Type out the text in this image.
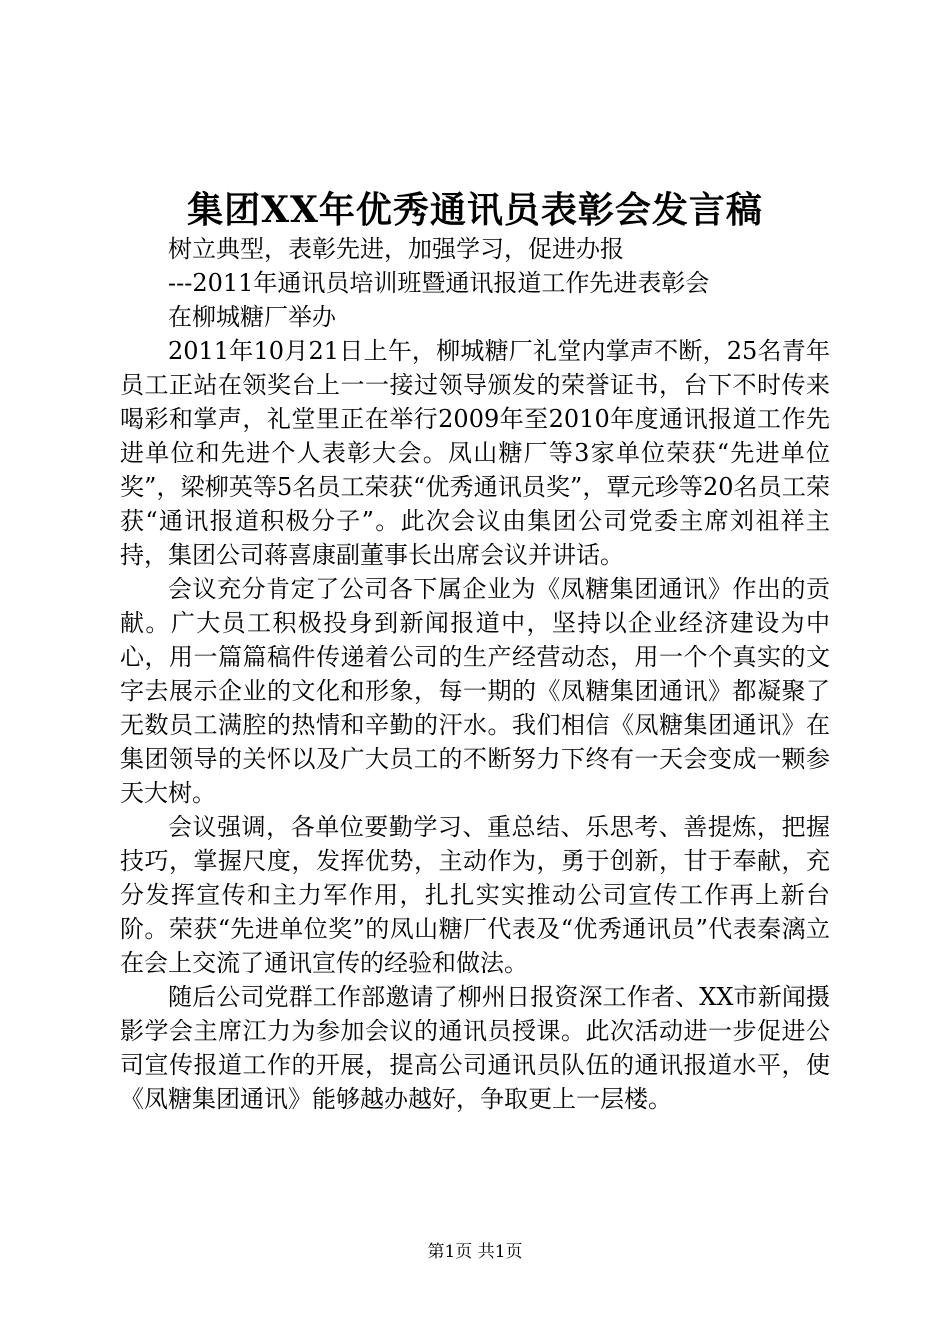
集团XX年优秀通讯员表彰会发言稿
树立典型，表彰先进，加强学习，促进办报
---2011年通讯员培训班暨通讯报道工作先进表彰会
在柳城糖厂举办

2011年10月21日上午，柳城糖厂礼堂内掌声不断，25名青年员工正站在领奖台上一一接过领导颁发的荣誉证书，台下不时传来喝彩和掌声，礼堂里正在举行2009年至2010年度通讯报道工作先进单位和先进个人表彰大会。凤山糖厂等3家单位荣获“先进单位奖”，梁柳英等5名员工荣获“优秀通讯员奖”，覃元珍等20名员工荣获“通讯报道积极分子”。此次会议由集团公司党委主席刘祖祥主持，集团公司蒋喜康副董事长出席会议并讲话。

会议充分肯定了公司各下属企业为《凤糖集团通讯》作出的贡献。广大员工积极投身到新闻报道中，坚持以企业经济建设为中心，用一篇篇稿件传递着公司的生产经营动态，用一个个真实的文字去展示企业的文化和形象，每一期的《凤糖集团通讯》都凝聚了无数员工满腔的热情和辛勤的汗水。我们相信《凤糖集团通讯》在集团领导的关怀以及广大员工的不断努力下终有一天会变成一颗参天大树。

会议强调，各单位要勤学习、重总结、乐思考、善提炼，把握技巧，掌握尺度，发挥优势，主动作为，勇于创新，甘于奉献，充分发挥宣传和主力军作用，扎扎实实推动公司宣传工作再上新台阶。荣获“先进单位奖”的凤山糖厂代表及“优秀通讯员”代表秦漓立在会上交流了通讯宣传的经验和做法。

随后公司党群工作部邀请了柳州日报资深工作者、XX市新闻摄影学会主席江力为参加会议的通讯员授课。此次活动进一步促进公司宣传报道工作的开展，提高公司通讯员队伍的通讯报道水平，使《凤糖集团通讯》能够越办越好，争取更上一层楼。

第1页 共1页
